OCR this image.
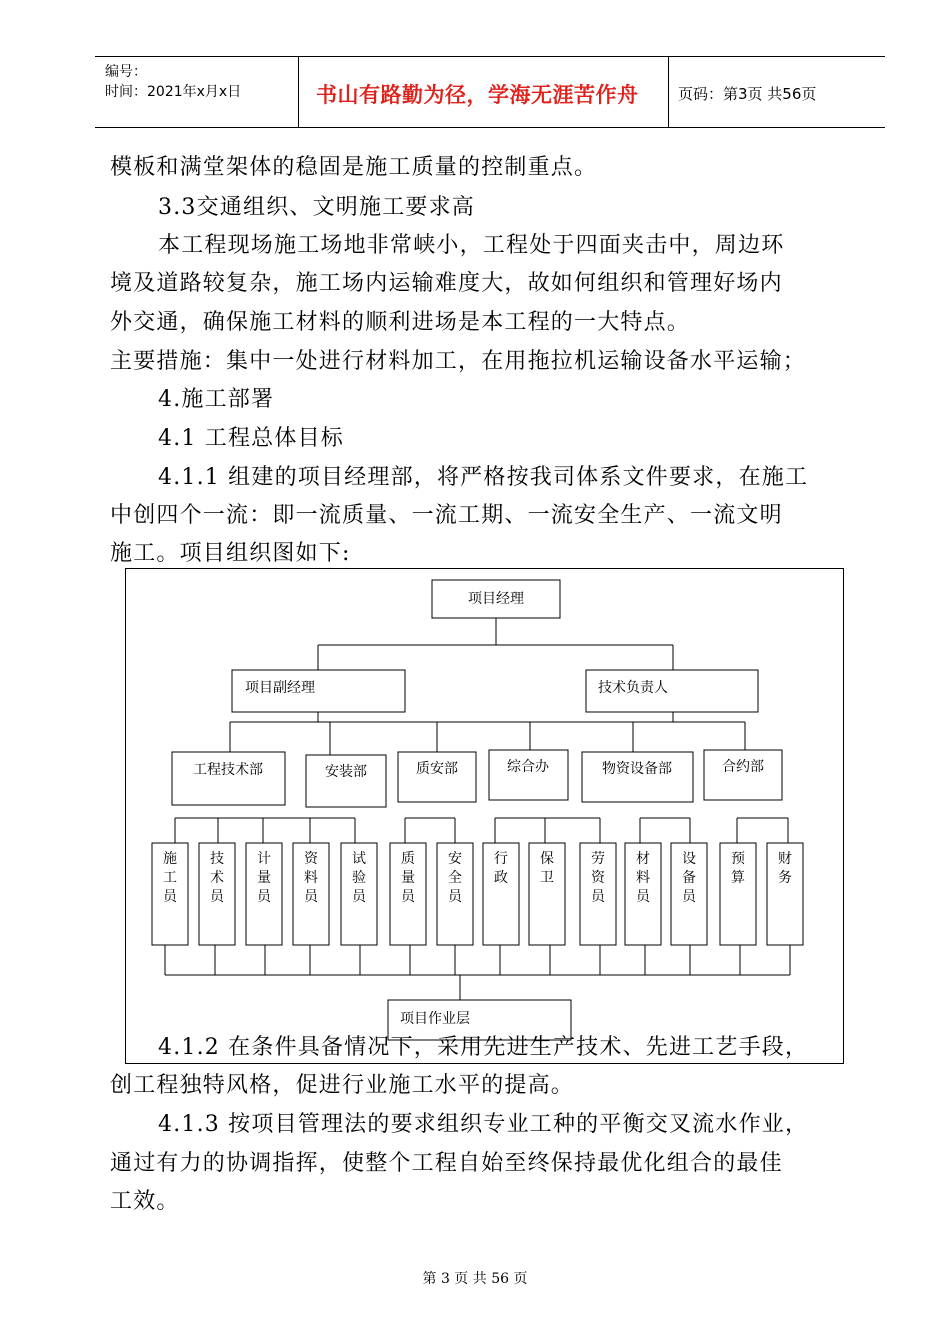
编号：
时间：2021年x月x日	书山有路勤为径，学海无涯苦作舟	页码：第3页 共56页
模板和满堂架体的稳固是施工质量的控制重点。
3.3交通组织、文明施工要求高
本工程现场施工场地非常峡小，工程处于四面夹击中，周边环
境及道路较复杂，施工场内运输难度大，故如何组织和管理好场内
外交通，确保施工材料的顺利进场是本工程的一大特点。
主要措施：集中一处进行材料加工，在用拖拉机运输设备水平运输；
4.施工部署
4.1 工程总体目标
4.1.1 组建的项目经理部，将严格按我司体系文件要求，在施工
中创四个一流：即一流质量、一流工期、一流安全生产、一流文明
施工。项目组织图如下:
项目经理
项目副经理	技术负责人
工程技术部	安装部	质安部	综合办	物资设备部	合约部
施工员
技术员
计量员
资料员
试验员
质量员
安全员
行政
保卫
劳资员
材料员
设备员
预算
财务
项目作业层
4.1.2 在条件具备情况下，采用先进生产技术、先进工艺手段，
创工程独特风格，促进行业施工水平的提高。
4.1.3 按项目管理法的要求组织专业工种的平衡交叉流水作业，
通过有力的协调指挥，使整个工程自始至终保持最优化组合的最佳
工效。
第 3 页 共 56 页
